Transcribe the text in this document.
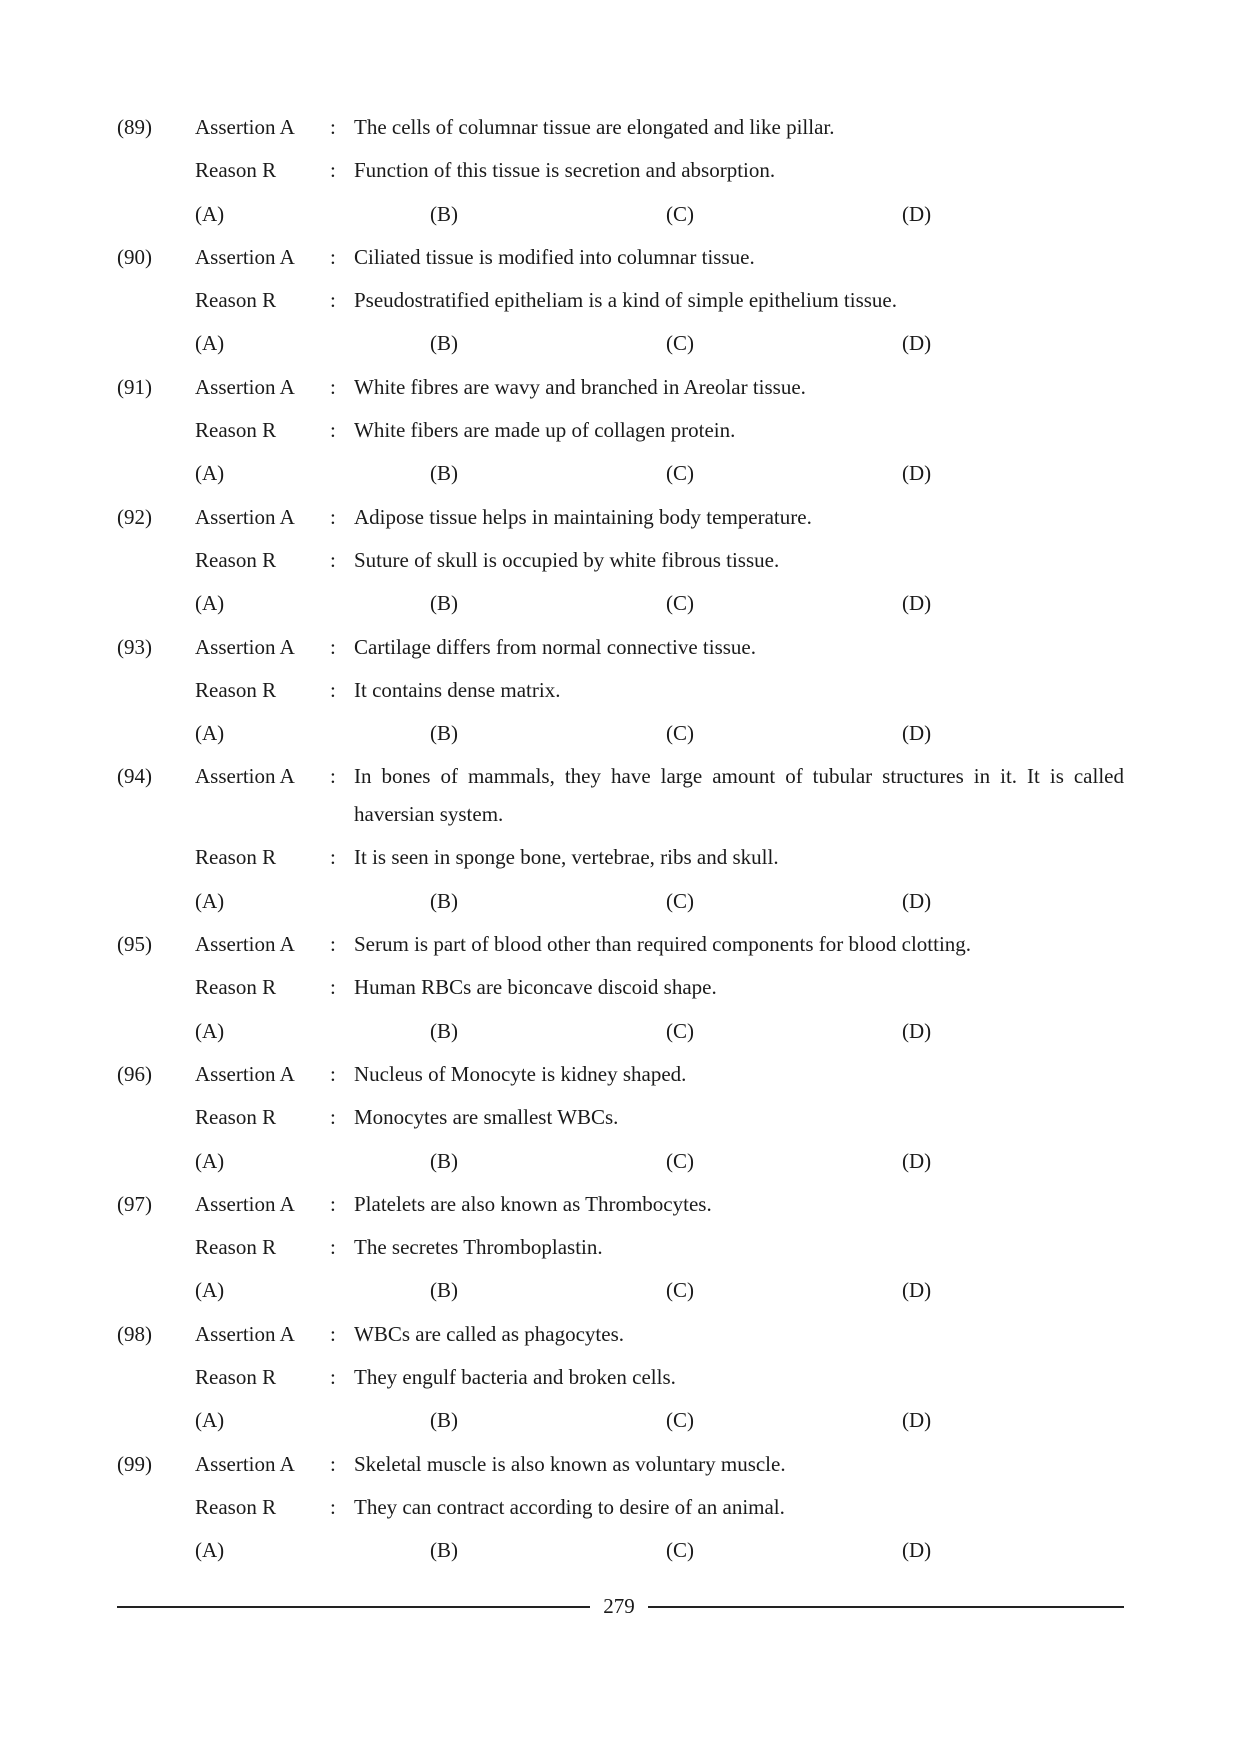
(89) Assertion A : The cells of columnar tissue are elongated and like pillar.
Reason R	: Function of this tissue is secretion and absorption.
(A)	(B)	(C)	(D)
(90) Assertion A : Ciliated tissue is modified into columnar tissue.
Reason R	: Pseudostratified epitheliam is a kind of simple epithelium tissue.
(A)	(B)	(C)	(D)
(91) Assertion A : White fibres are wavy and branched in Areolar tissue.
Reason R	: White fibers are made up of collagen protein.
(A)	(B)	(C)	(D)
(92) Assertion A : Adipose tissue helps in maintaining body temperature.
Reason R	: Suture of skull is occupied by white fibrous tissue.
(A)	(B)	(C)	(D)
(93) Assertion A : Cartilage differs from normal connective tissue.
Reason R	: It contains dense matrix.
(A)	(B)	(C)	(D)
(94) Assertion A : In bones of mammals, they have large amount of tubular structures in it. It is called haversian system.
Reason R	: It is seen in sponge bone, vertebrae, ribs and skull.
(A)	(B)	(C)	(D)
(95) Assertion A : Serum is part of blood other than required components for blood clotting.
Reason R	: Human RBCs are biconcave discoid shape.
(A)	(B)	(C)	(D)
(96) Assertion A : Nucleus of Monocyte is kidney shaped.
Reason R	: Monocytes are smallest WBCs.
(A)	(B)	(C)	(D)
(97) Assertion A : Platelets are also known as Thrombocytes.
Reason R	: The secretes Thromboplastin.
(A)	(B)	(C)	(D)
(98) Assertion A : WBCs are called as phagocytes.
Reason R	: They engulf bacteria and broken cells.
(A)	(B)	(C)	(D)
(99) Assertion A : Skeletal muscle is also known as voluntary muscle.
Reason R	: They can contract according to desire of an animal.
(A)	(B)	(C)	(D)
279
